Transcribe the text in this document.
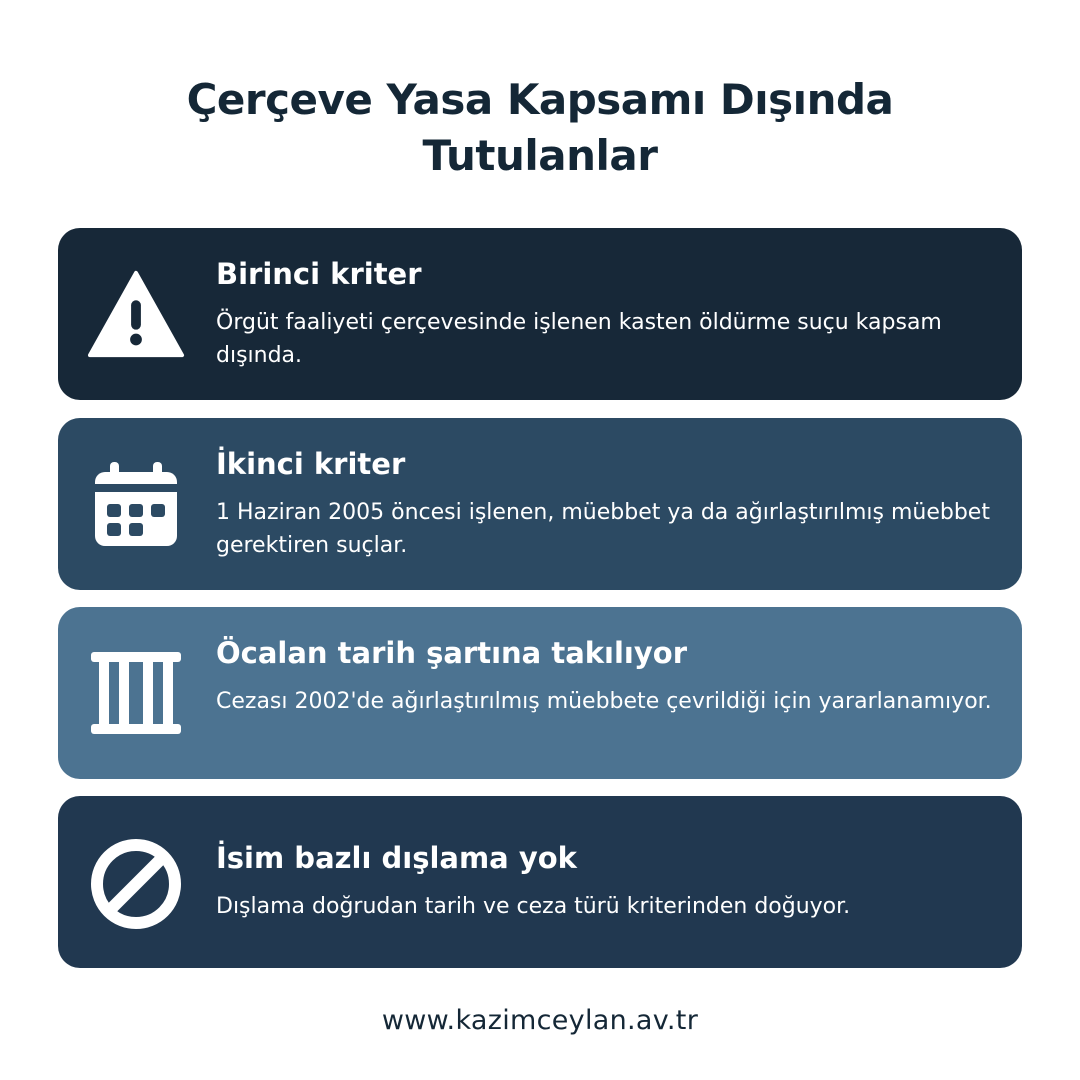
Çerçeve Yasa Kapsamı Dışında
Tutulanlar
Birinci kriter
Örgüt faaliyeti çerçevesinde işlenen kasten öldürme suçu kapsam dışında.
İkinci kriter
1 Haziran 2005 öncesi işlenen, müebbet ya da ağırlaştırılmış müebbet gerektiren suçlar.
Öcalan tarih şartına takılıyor
Cezası 2002'de ağırlaştırılmış müebbete çevrildiği için yararlanamıyor.
İsim bazlı dışlama yok
Dışlama doğrudan tarih ve ceza türü kriterinden doğuyor.
www.kazimceylan.av.tr
